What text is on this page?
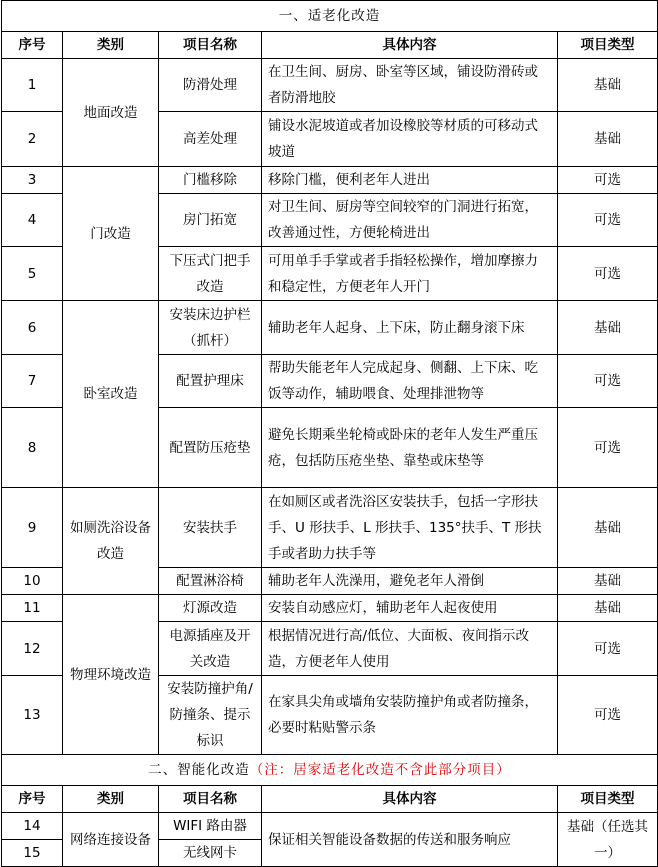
一、适老化改造				
序号	类别	项目名称	具体内容	项目类型
1	地面改造	防滑处理	在卫生间、厨房、卧室等区域，铺设防滑砖或者防滑地胶	基础
2		高差处理	铺设水泥坡道或者加设橡胶等材质的可移动式坡道	基础
3	门改造	门槛移除	移除门槛，便利老年人进出	可选
4		房门拓宽	对卫生间、厨房等空间较窄的门洞进行拓宽，改善通过性，方便轮椅进出	可选
5		下压式门把手改造	可用单手手掌或者手指轻松操作，增加摩擦力和稳定性，方便老年人开门	可选
6	卧室改造	安装床边护栏（抓杆）	辅助老年人起身、上下床，防止翻身滚下床	基础
7		配置护理床	帮助失能老年人完成起身、侧翻、上下床、吃饭等动作，辅助喂食、处理排泄物等	可选
8		配置防压疮垫	避免长期乘坐轮椅或卧床的老年人发生严重压疮，包括防压疮坐垫、靠垫或床垫等	可选
9	如厕洗浴设备改造	安装扶手	在如厕区或者洗浴区安装扶手，包括一字形扶手、U 形扶手、L 形扶手、135°扶手、T 形扶手或者助力扶手等	基础
10		配置淋浴椅	辅助老年人洗澡用，避免老年人滑倒	基础
11	物理环境改造	灯源改造	安装自动感应灯，辅助老年人起夜使用	基础
12		电源插座及开关改造	根据情况进行高/低位、大面板、夜间指示改造，方便老年人使用	可选
13		安装防撞护角/防撞条、提示标识	在家具尖角或墙角安装防撞护角或者防撞条，必要时粘贴警示条	可选
二、智能化改造（注：居家适老化改造不含此部分项目）				
序号	类别	项目名称	具体内容	项目类型
14	网络连接设备	WIFI 路由器	保证相关智能设备数据的传送和服务响应	基础（任选其一）
15		无线网卡		
